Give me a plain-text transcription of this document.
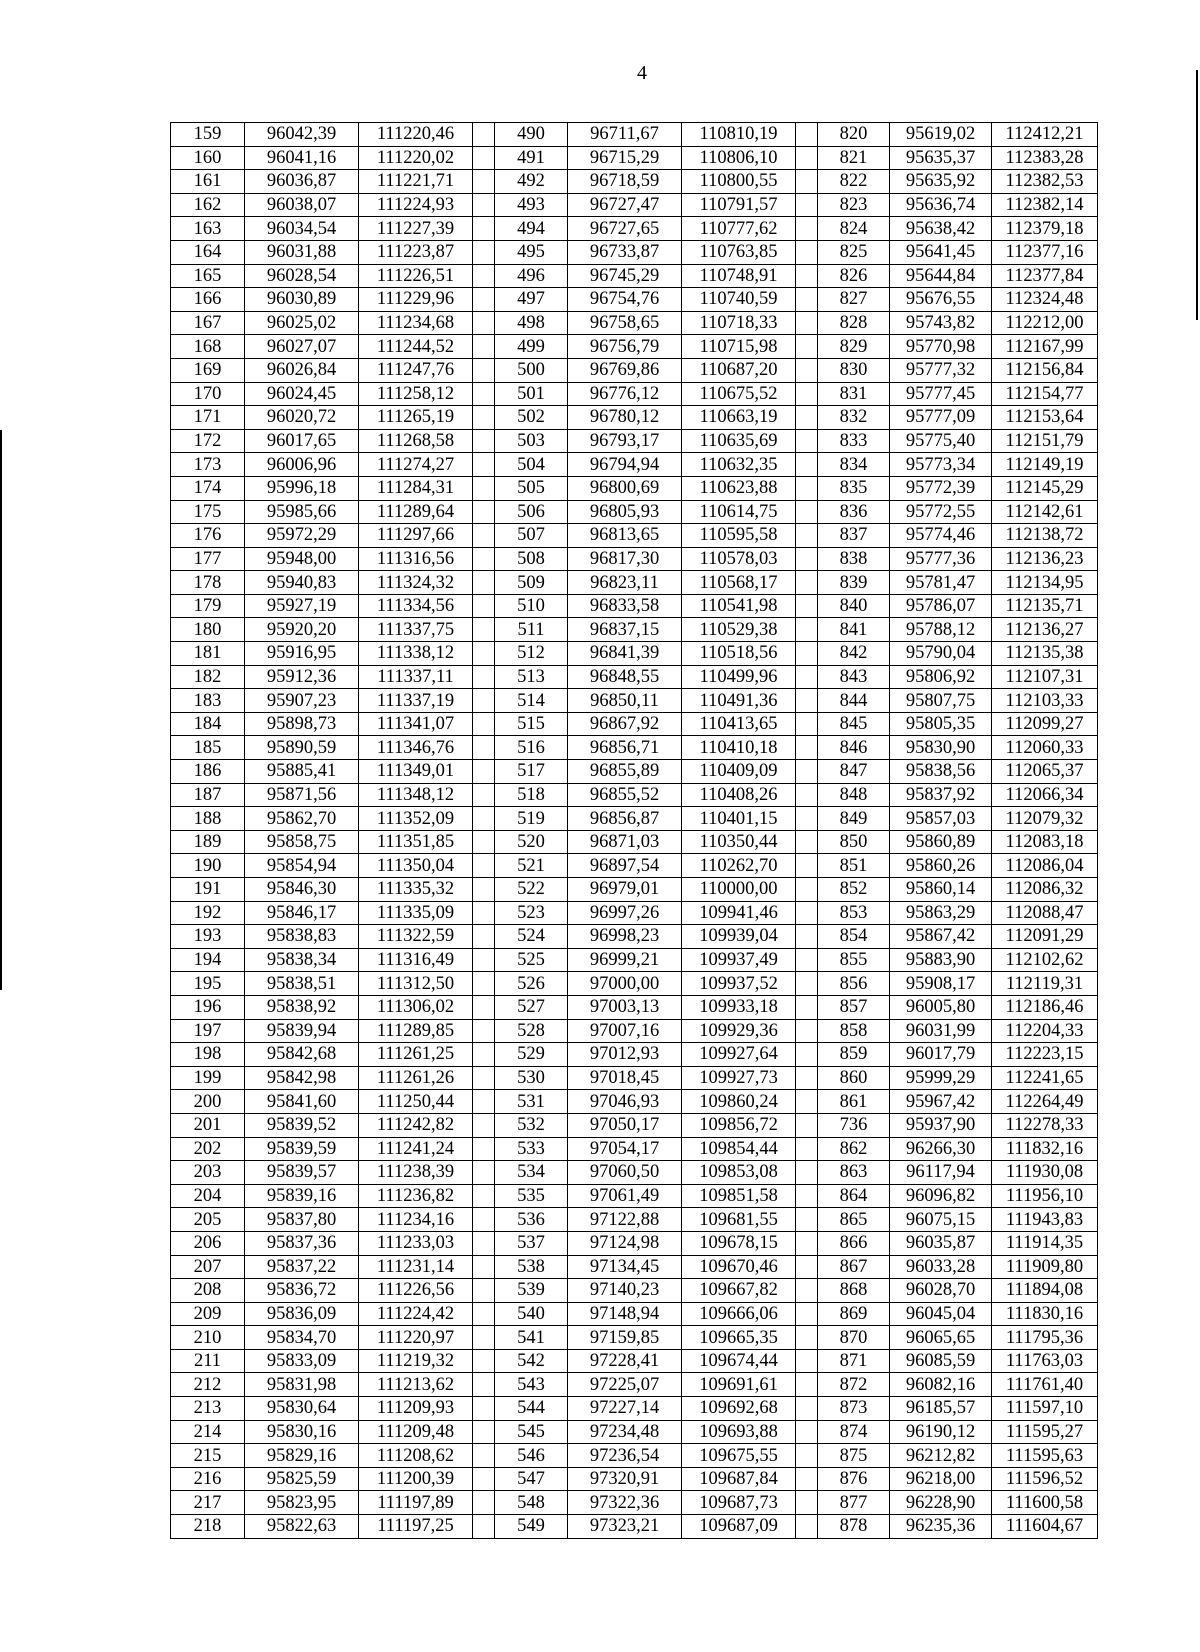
4
159	96042,39	111220,46		490	96711,67	110810,19		820	95619,02	112412,21
160	96041,16	111220,02		491	96715,29	110806,10		821	95635,37	112383,28
161	96036,87	111221,71		492	96718,59	110800,55		822	95635,92	112382,53
162	96038,07	111224,93		493	96727,47	110791,57		823	95636,74	112382,14
163	96034,54	111227,39		494	96727,65	110777,62		824	95638,42	112379,18
164	96031,88	111223,87		495	96733,87	110763,85		825	95641,45	112377,16
165	96028,54	111226,51		496	96745,29	110748,91		826	95644,84	112377,84
166	96030,89	111229,96		497	96754,76	110740,59		827	95676,55	112324,48
167	96025,02	111234,68		498	96758,65	110718,33		828	95743,82	112212,00
168	96027,07	111244,52		499	96756,79	110715,98		829	95770,98	112167,99
169	96026,84	111247,76		500	96769,86	110687,20		830	95777,32	112156,84
170	96024,45	111258,12		501	96776,12	110675,52		831	95777,45	112154,77
171	96020,72	111265,19		502	96780,12	110663,19		832	95777,09	112153,64
172	96017,65	111268,58		503	96793,17	110635,69		833	95775,40	112151,79
173	96006,96	111274,27		504	96794,94	110632,35		834	95773,34	112149,19
174	95996,18	111284,31		505	96800,69	110623,88		835	95772,39	112145,29
175	95985,66	111289,64		506	96805,93	110614,75		836	95772,55	112142,61
176	95972,29	111297,66		507	96813,65	110595,58		837	95774,46	112138,72
177	95948,00	111316,56		508	96817,30	110578,03		838	95777,36	112136,23
178	95940,83	111324,32		509	96823,11	110568,17		839	95781,47	112134,95
179	95927,19	111334,56		510	96833,58	110541,98		840	95786,07	112135,71
180	95920,20	111337,75		511	96837,15	110529,38		841	95788,12	112136,27
181	95916,95	111338,12		512	96841,39	110518,56		842	95790,04	112135,38
182	95912,36	111337,11		513	96848,55	110499,96		843	95806,92	112107,31
183	95907,23	111337,19		514	96850,11	110491,36		844	95807,75	112103,33
184	95898,73	111341,07		515	96867,92	110413,65		845	95805,35	112099,27
185	95890,59	111346,76		516	96856,71	110410,18		846	95830,90	112060,33
186	95885,41	111349,01		517	96855,89	110409,09		847	95838,56	112065,37
187	95871,56	111348,12		518	96855,52	110408,26		848	95837,92	112066,34
188	95862,70	111352,09		519	96856,87	110401,15		849	95857,03	112079,32
189	95858,75	111351,85		520	96871,03	110350,44		850	95860,89	112083,18
190	95854,94	111350,04		521	96897,54	110262,70		851	95860,26	112086,04
191	95846,30	111335,32		522	96979,01	110000,00		852	95860,14	112086,32
192	95846,17	111335,09		523	96997,26	109941,46		853	95863,29	112088,47
193	95838,83	111322,59		524	96998,23	109939,04		854	95867,42	112091,29
194	95838,34	111316,49		525	96999,21	109937,49		855	95883,90	112102,62
195	95838,51	111312,50		526	97000,00	109937,52		856	95908,17	112119,31
196	95838,92	111306,02		527	97003,13	109933,18		857	96005,80	112186,46
197	95839,94	111289,85		528	97007,16	109929,36		858	96031,99	112204,33
198	95842,68	111261,25		529	97012,93	109927,64		859	96017,79	112223,15
199	95842,98	111261,26		530	97018,45	109927,73		860	95999,29	112241,65
200	95841,60	111250,44		531	97046,93	109860,24		861	95967,42	112264,49
201	95839,52	111242,82		532	97050,17	109856,72		736	95937,90	112278,33
202	95839,59	111241,24		533	97054,17	109854,44		862	96266,30	111832,16
203	95839,57	111238,39		534	97060,50	109853,08		863	96117,94	111930,08
204	95839,16	111236,82		535	97061,49	109851,58		864	96096,82	111956,10
205	95837,80	111234,16		536	97122,88	109681,55		865	96075,15	111943,83
206	95837,36	111233,03		537	97124,98	109678,15		866	96035,87	111914,35
207	95837,22	111231,14		538	97134,45	109670,46		867	96033,28	111909,80
208	95836,72	111226,56		539	97140,23	109667,82		868	96028,70	111894,08
209	95836,09	111224,42		540	97148,94	109666,06		869	96045,04	111830,16
210	95834,70	111220,97		541	97159,85	109665,35		870	96065,65	111795,36
211	95833,09	111219,32		542	97228,41	109674,44		871	96085,59	111763,03
212	95831,98	111213,62		543	97225,07	109691,61		872	96082,16	111761,40
213	95830,64	111209,93		544	97227,14	109692,68		873	96185,57	111597,10
214	95830,16	111209,48		545	97234,48	109693,88		874	96190,12	111595,27
215	95829,16	111208,62		546	97236,54	109675,55		875	96212,82	111595,63
216	95825,59	111200,39		547	97320,91	109687,84		876	96218,00	111596,52
217	95823,95	111197,89		548	97322,36	109687,73		877	96228,90	111600,58
218	95822,63	111197,25		549	97323,21	109687,09		878	96235,36	111604,67
